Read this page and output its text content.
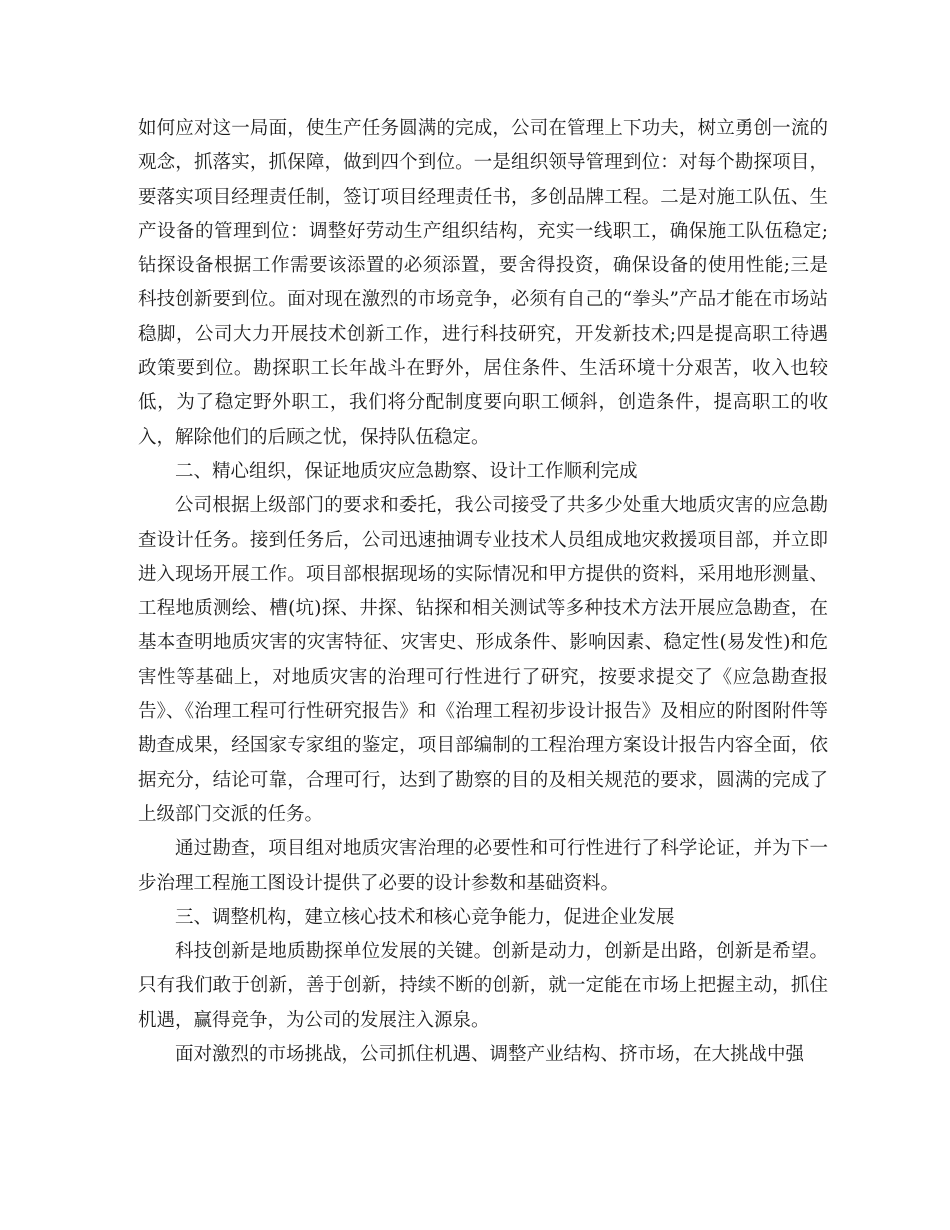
如何应对这一局面，使生产任务圆满的完成，公司在管理上下功夫，树立勇创一流的观念，抓落实，抓保障，做到四个到位。一是组织领导管理到位：对每个勘探项目，要落实项目经理责任制，签订项目经理责任书，多创品牌工程。二是对施工队伍、生产设备的管理到位：调整好劳动生产组织结构，充实一线职工，确保施工队伍稳定;钻探设备根据工作需要该添置的必须添置，要舍得投资，确保设备的使用性能;三是科技创新要到位。面对现在激烈的市场竞争，必须有自己的“拳头”产品才能在市场站稳脚，公司大力开展技术创新工作，进行科技研究，开发新技术;四是提高职工待遇政策要到位。勘探职工长年战斗在野外，居住条件、生活环境十分艰苦，收入也较低，为了稳定野外职工，我们将分配制度要向职工倾斜，创造条件，提高职工的收入，解除他们的后顾之忧，保持队伍稳定。

二、精心组织，保证地质灾应急勘察、设计工作顺利完成

公司根据上级部门的要求和委托，我公司接受了共多少处重大地质灾害的应急勘查设计任务。接到任务后，公司迅速抽调专业技术人员组成地灾救援项目部，并立即进入现场开展工作。项目部根据现场的实际情况和甲方提供的资料，采用地形测量、工程地质测绘、槽(坑)探、井探、钻探和相关测试等多种技术方法开展应急勘查，在基本查明地质灾害的灾害特征、灾害史、形成条件、影响因素、稳定性(易发性)和危害性等基础上，对地质灾害的治理可行性进行了研究，按要求提交了《应急勘查报告》、《治理工程可行性研究报告》和《治理工程初步设计报告》及相应的附图附件等勘查成果，经国家专家组的鉴定，项目部编制的工程治理方案设计报告内容全面，依据充分，结论可靠，合理可行，达到了勘察的目的及相关规范的要求，圆满的完成了上级部门交派的任务。

通过勘查，项目组对地质灾害治理的必要性和可行性进行了科学论证，并为下一步治理工程施工图设计提供了必要的设计参数和基础资料。

三、调整机构，建立核心技术和核心竞争能力，促进企业发展

科技创新是地质勘探单位发展的关键。创新是动力，创新是出路，创新是希望。只有我们敢于创新，善于创新，持续不断的创新，就一定能在市场上把握主动，抓住机遇，赢得竞争，为公司的发展注入源泉。

面对激烈的市场挑战，公司抓住机遇、调整产业结构、挤市场，在大挑战中强
